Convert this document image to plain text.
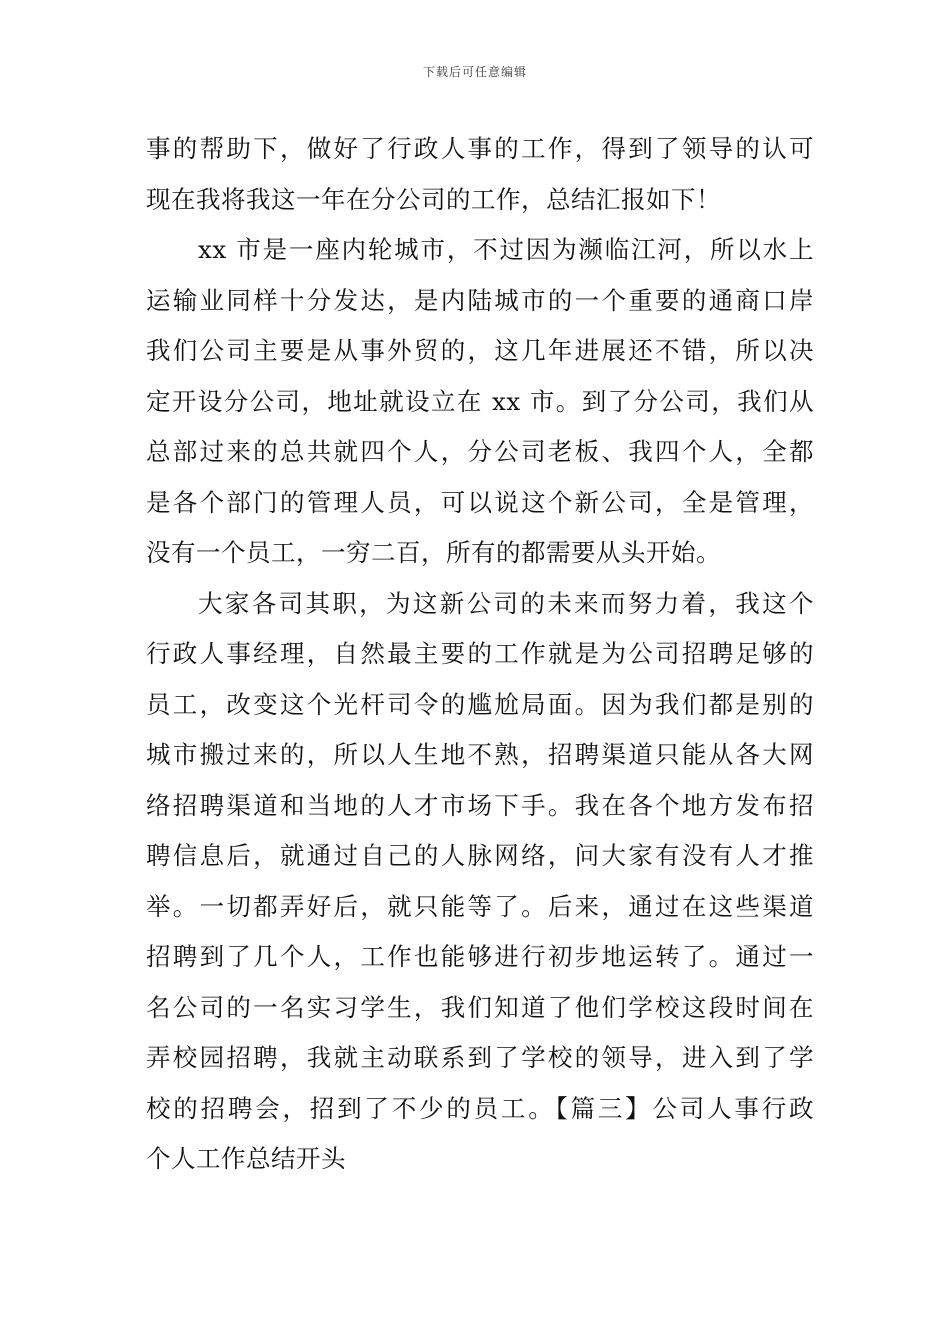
下载后可任意编辑
事的帮助下，做好了行政人事的工作，得到了领导的认可
现在我将我这一年在分公司的工作，总结汇报如下！
xx 市是一座内轮城市，不过因为濒临江河，所以水上
运输业同样十分发达，是内陆城市的一个重要的通商口岸
我们公司主要是从事外贸的，这几年进展还不错，所以决
定开设分公司，地址就设立在 xx 市。到了分公司，我们从
总部过来的总共就四个人，分公司老板、我四个人，全都
是各个部门的管理人员，可以说这个新公司，全是管理，
没有一个员工，一穷二百，所有的都需要从头开始。
大家各司其职，为这新公司的未来而努力着，我这个
行政人事经理，自然最主要的工作就是为公司招聘足够的
员工，改变这个光杆司令的尴尬局面。因为我们都是别的
城市搬过来的，所以人生地不熟，招聘渠道只能从各大网
络招聘渠道和当地的人才市场下手。我在各个地方发布招
聘信息后，就通过自己的人脉网络，问大家有没有人才推
举。一切都弄好后，就只能等了。后来，通过在这些渠道
招聘到了几个人，工作也能够进行初步地运转了。通过一
名公司的一名实习学生，我们知道了他们学校这段时间在
弄校园招聘，我就主动联系到了学校的领导，进入到了学
校的招聘会，招到了不少的员工。【篇三】公司人事行政
个人工作总结开头
